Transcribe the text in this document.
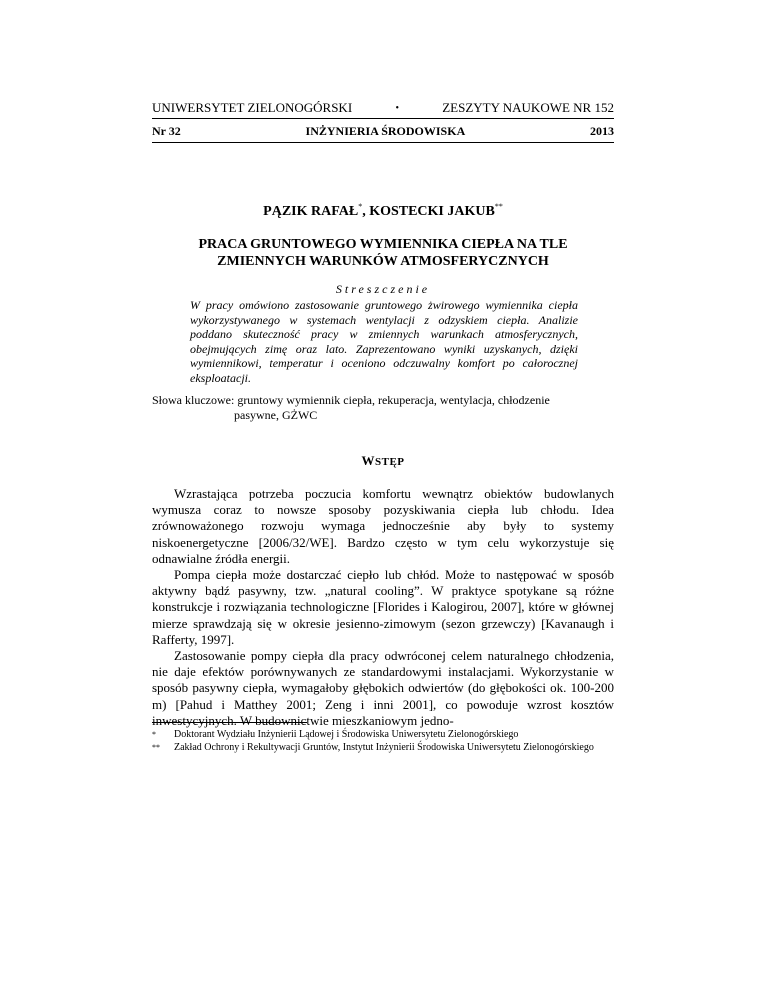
UNIWERSYTET ZIELONOGÓRSKI	•	ZESZYTY NAUKOWE NR 152
Nr 32	INŻYNIERIA ŚRODOWISKA	2013
PĄZIK RAFAŁ*, KOSTECKI JAKUB**
PRACA GRUNTOWEGO WYMIENNIKA CIEPŁA NA TLE
ZMIENNYCH WARUNKÓW ATMOSFERYCZNYCH
Streszczenie
W pracy omówiono zastosowanie gruntowego żwirowego wymiennika ciepła wykorzystywanego w systemach wentylacji z odzyskiem ciepła. Analizie poddano skuteczność pracy w zmiennych warunkach atmosferycznych, obejmujących zimę oraz lato. Zaprezentowano wyniki uzyskanych, dzięki wymiennikowi, temperatur i oceniono odczuwalny komfort po całorocznej eksploatacji.
Słowa kluczowe: gruntowy wymiennik ciepła, rekuperacja, wentylacja, chłodzenie
pasywne, GŻWC
WSTĘP

Wzrastająca potrzeba poczucia komfortu wewnątrz obiektów budowlanych wymusza coraz to nowsze sposoby pozyskiwania ciepła lub chłodu. Idea zrównoważonego rozwoju wymaga jednocześnie aby były to systemy niskoenergetyczne [2006/32/WE]. Bardzo często w tym celu wykorzystuje się odnawialne źródła energii.

Pompa ciepła może dostarczać ciepło lub chłód. Może to następować w sposób aktywny bądź pasywny, tzw. „natural cooling”. W praktyce spotykane są różne konstrukcje i rozwiązania technologiczne [Florides i Kalogirou, 2007], które w głównej mierze sprawdzają się w okresie jesienno-zimowym (sezon grzewczy) [Kavanaugh i Rafferty, 1997].

Zastosowanie pompy ciepła dla pracy odwróconej celem naturalnego chłodzenia, nie daje efektów porównywanych ze standardowymi instalacjami. Wykorzystanie w sposób pasywny ciepła, wymagałoby głębokich odwiertów (do głębokości ok. 100-200 m) [Pahud i Matthey 2001; Zeng i inni 2001], co powoduje wzrost kosztów inwestycyjnych. W budownictwie mieszkaniowym jedno-

*	Doktorant Wydziału Inżynierii Lądowej i Środowiska Uniwersytetu Zielonogórskiego
**	Zakład Ochrony i Rekultywacji Gruntów, Instytut Inżynierii Środowiska Uniwersytetu Zielonogórskiego
